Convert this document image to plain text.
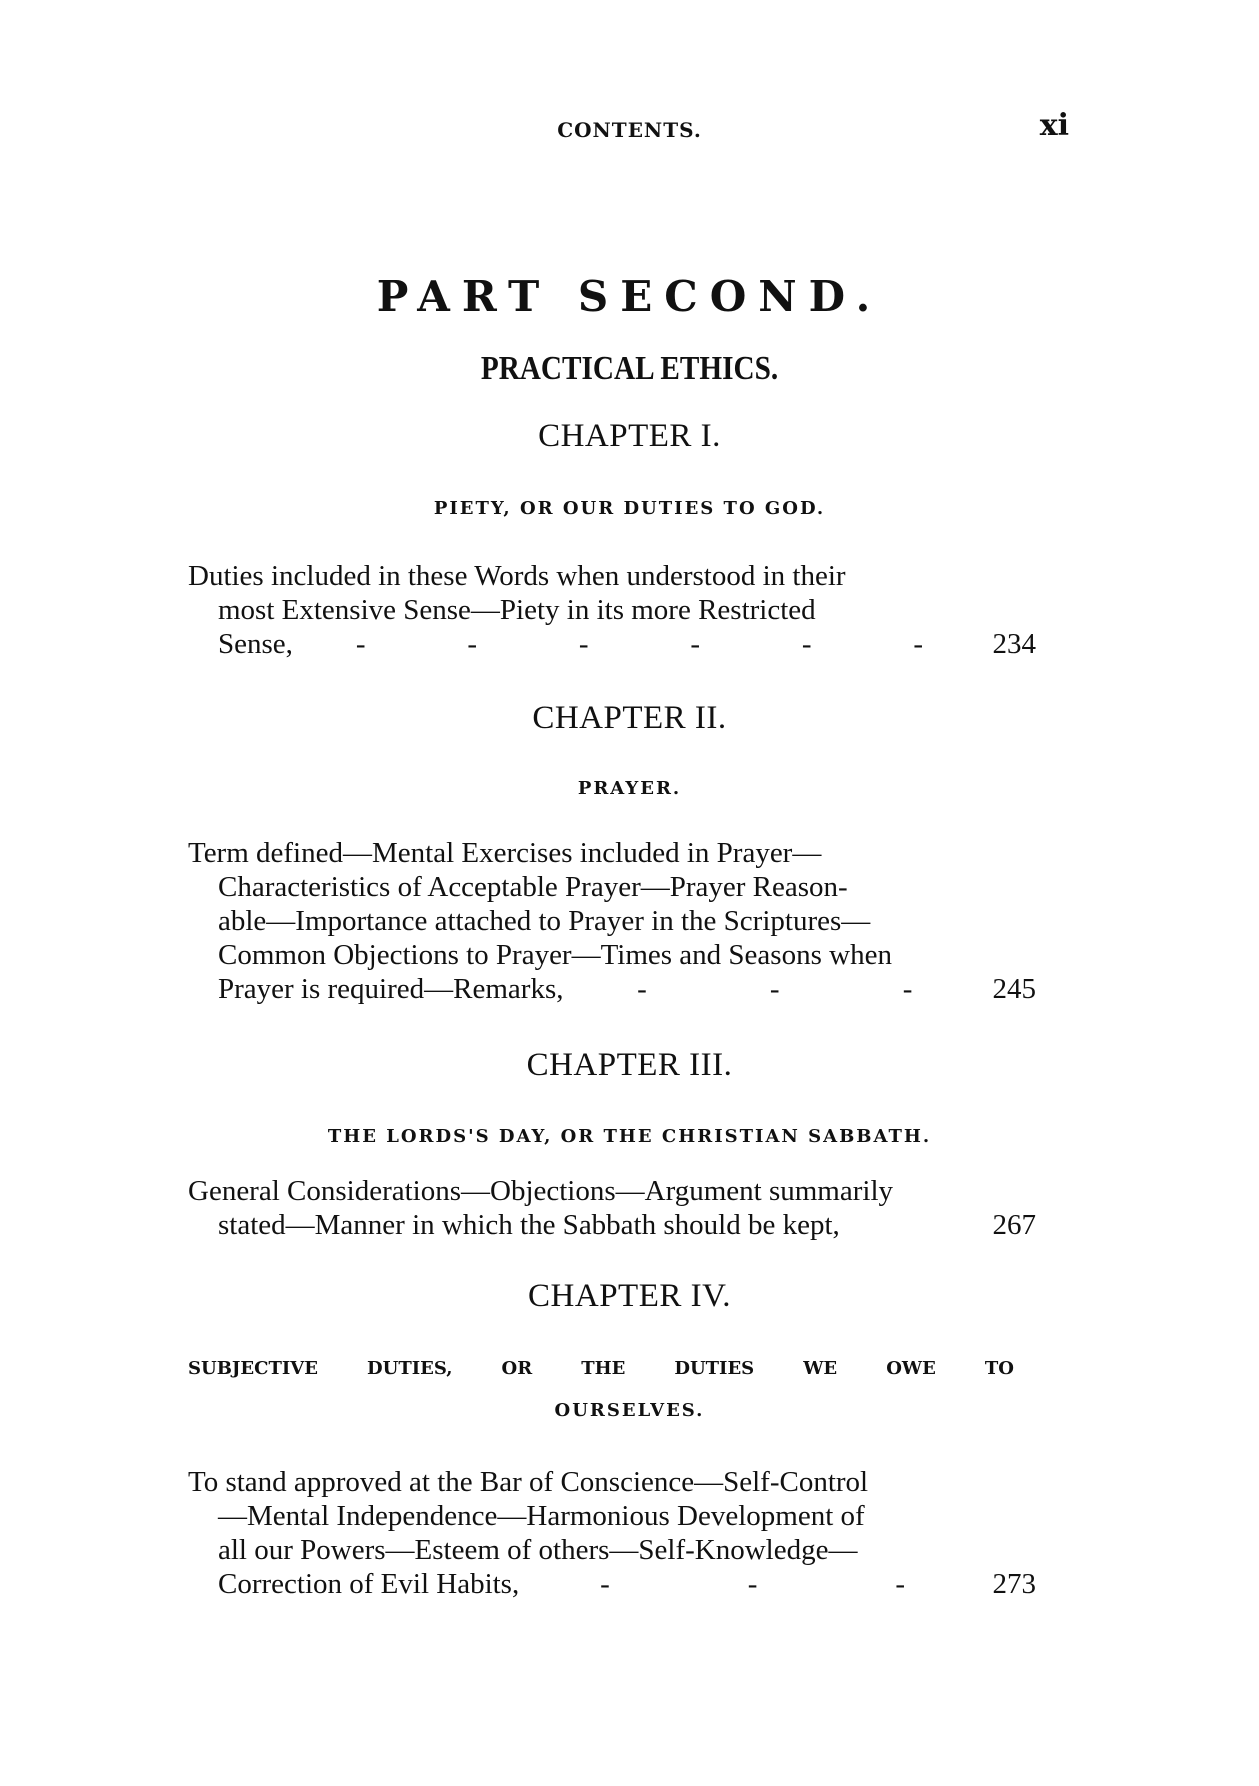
CONTENTS.	xi
PART SECOND.
PRACTICAL ETHICS.
CHAPTER I.
PIETY, OR OUR DUTIES TO GOD.
Duties included in these Words when understood in their
most Extensive Sense—Piety in its more Restricted
Sense, -	-	-	-	-	- 234
CHAPTER II.
PRAYER.
Term defined—Mental Exercises included in Prayer—
Characteristics of Acceptable Prayer—Prayer Reason-
able—Importance attached to Prayer in the Scriptures—
Common Objections to Prayer—Times and Seasons when
Prayer is required—Remarks,	-	-	-	245
CHAPTER III.
THE LORDS'S DAY, OR THE CHRISTIAN SABBATH.
General Considerations—Objections—Argument summarily
stated—Manner in which the Sabbath should be kept,	267
CHAPTER IV.
SUBJECTIVE	DUTIES,	OR	THE	DUTIES	WE	OWE	TO
OURSELVES.
To stand approved at the Bar of Conscience—Self-Control
—Mental Independence—Harmonious Development of
all our Powers—Esteem of others—Self-Knowledge—
Correction of Evil Habits,	-	-	-	273
